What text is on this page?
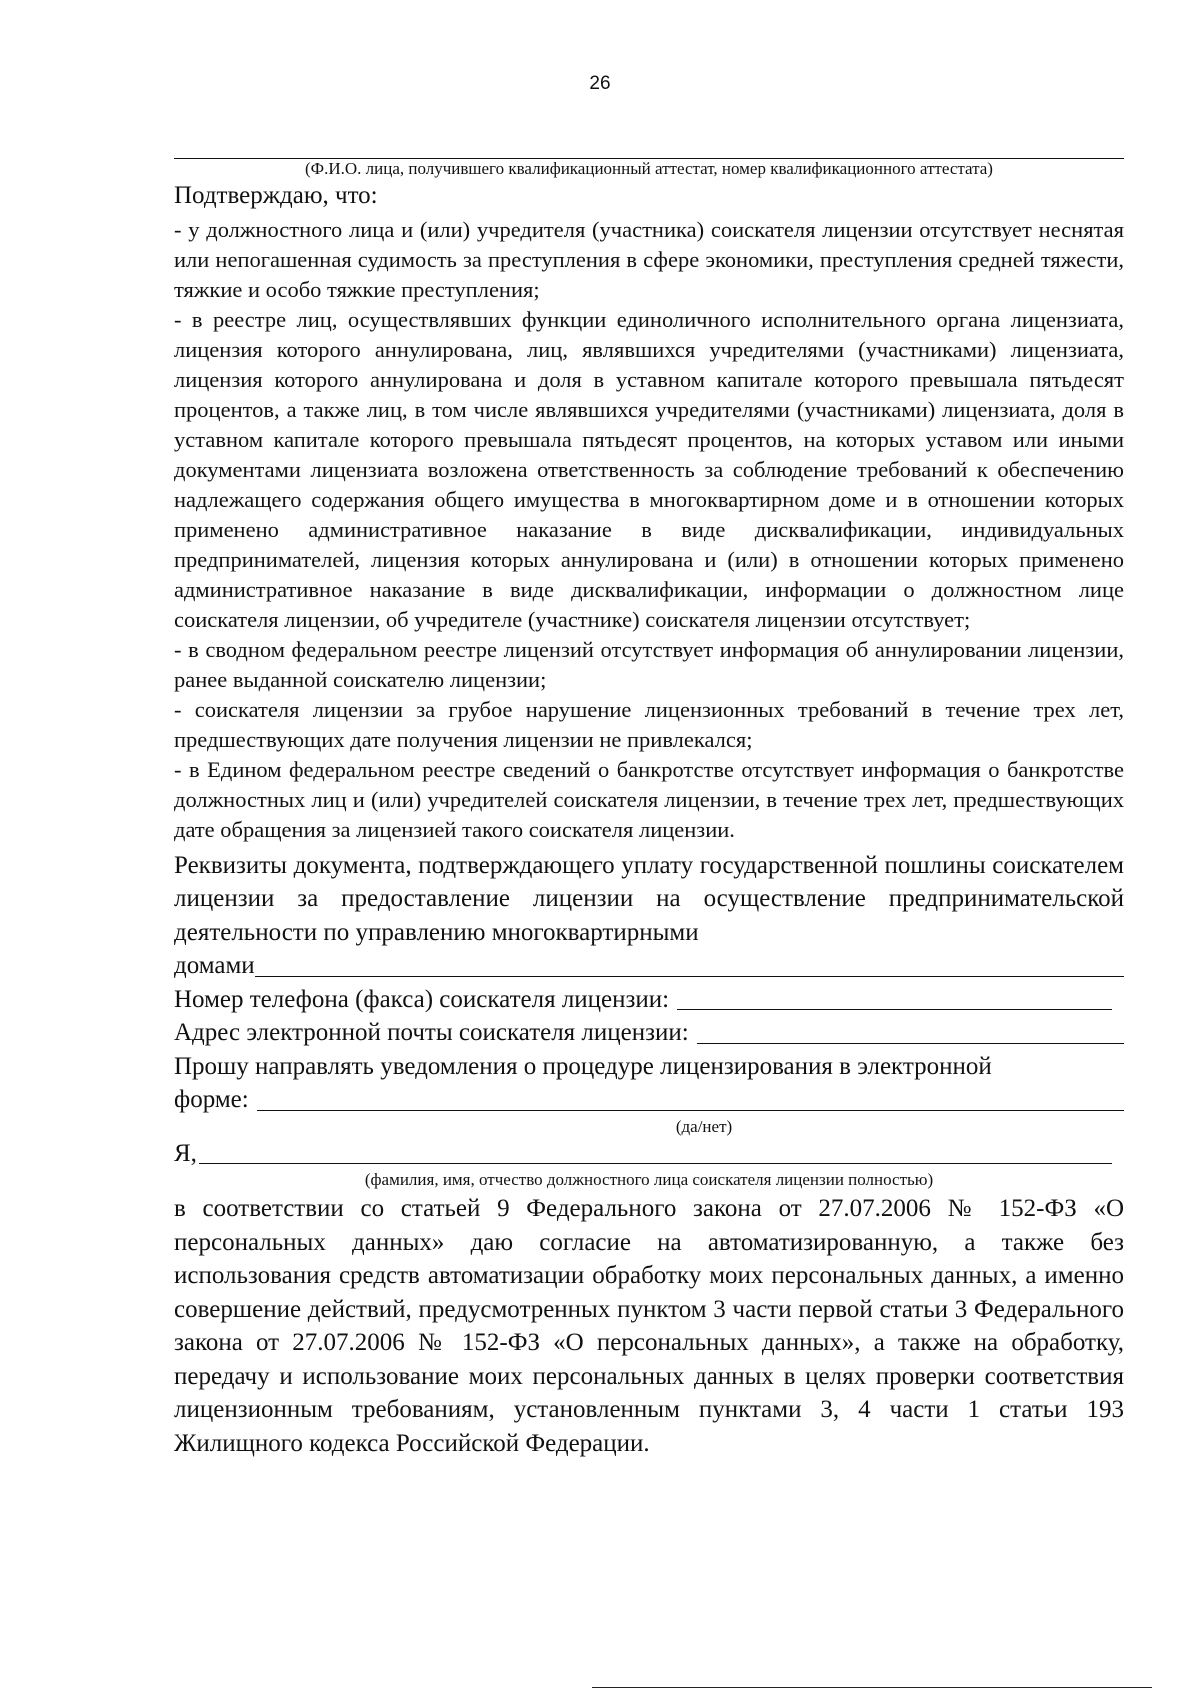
26
(Ф.И.О. лица, получившего квалификационный аттестат, номер квалификационного аттестата)

Подтверждаю, что:

- у должностного лица и (или) учредителя (участника) соискателя лицензии отсутствует неснятая или непогашенная судимость за преступления в сфере экономики, преступления средней тяжести, тяжкие и особо тяжкие преступления;

- в реестре лиц, осуществлявших функции единоличного исполнительного органа лицензиата, лицензия которого аннулирована, лиц, являвшихся учредителями (участниками) лицензиата, лицензия которого аннулирована и доля в уставном капитале которого превышала пятьдесят процентов, а также лиц, в том числе являвшихся учредителями (участниками) лицензиата, доля в уставном капитале которого превышала пятьдесят процентов, на которых уставом или иными документами лицензиата возложена ответственность за соблюдение требований к обеспечению надлежащего содержания общего имущества в многоквартирном доме и в отношении которых применено административное наказание в виде дисквалификации, индивидуальных предпринимателей, лицензия которых аннулирована и (или) в отношении которых применено административное наказание в виде дисквалификации, информации о должностном лице соискателя лицензии, об учредителе (участнике) соискателя лицензии отсутствует;

- в сводном федеральном реестре лицензий отсутствует информация об аннулировании лицензии, ранее выданной соискателю лицензии;

- соискателя лицензии за грубое нарушение лицензионных требований в течение трех лет, предшествующих дате получения лицензии не привлекался;

- в Едином федеральном реестре сведений о банкротстве отсутствует информация о банкротстве должностных лиц и (или) учредителей соискателя лицензии, в течение трех лет, предшествующих дате обращения за лицензией такого соискателя лицензии.

Реквизиты документа, подтверждающего уплату государственной пошлины соискателем лицензии за предоставление лицензии на осуществление предпринимательской деятельности по управлению многоквартирными

домами
Номер телефона (факса) соискателя лицензии:
Адрес электронной почты соискателя лицензии:

Прошу направлять уведомления о процедуре лицензирования в электронной

форме:
(да/нет)
Я,
(фамилия, имя, отчество должностного лица соискателя лицензии полностью)

в соответствии со статьей 9 Федерального закона от 27.07.2006 № 152-ФЗ «О персональных данных» даю согласие на автоматизированную, а также без использования средств автоматизации обработку моих персональных данных, а именно совершение действий, предусмотренных пунктом 3 части первой статьи 3 Федерального закона от 27.07.2006 № 152-ФЗ «О персональных данных», а также на обработку, передачу и использование моих персональных данных в целях проверки соответствия лицензионным требованиям, установленным пунктами 3, 4 части 1 статьи 193 Жилищного кодекса Российской Федерации.
